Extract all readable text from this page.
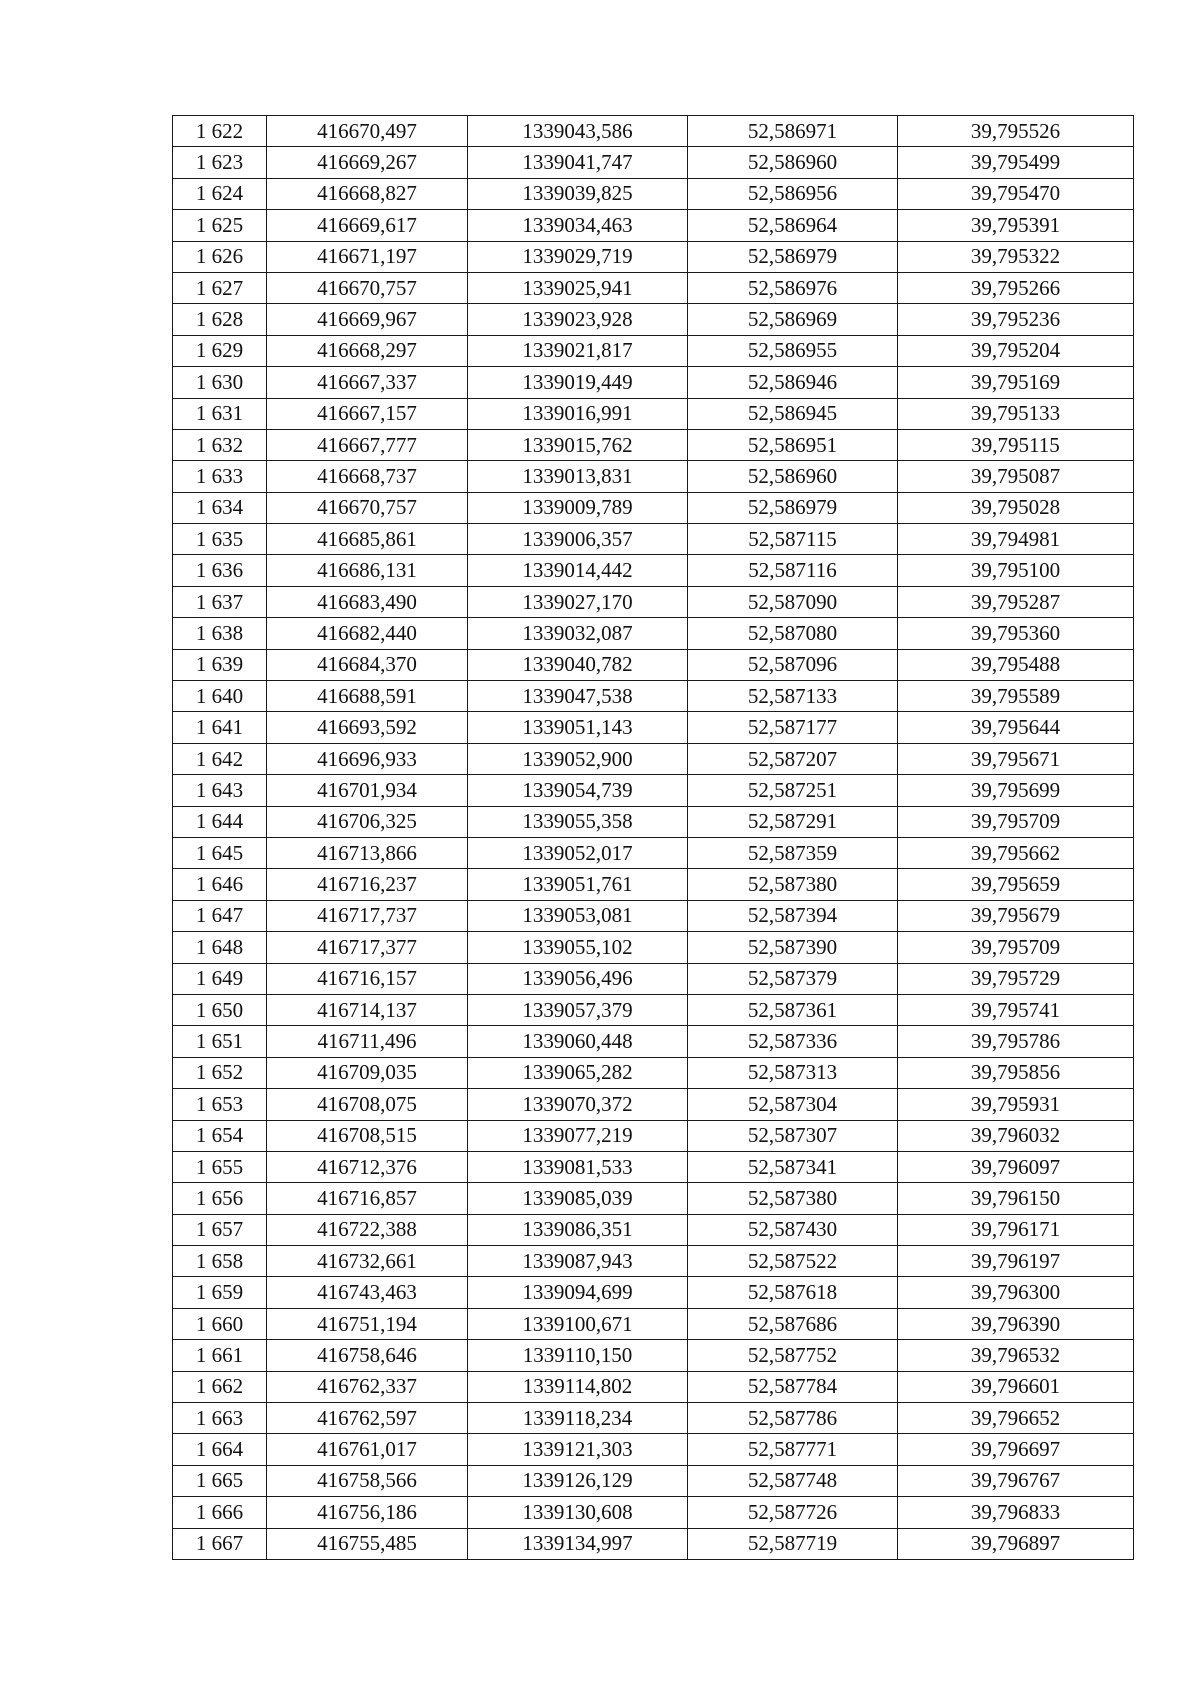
1 622	416670,497	1339043,586	52,586971	39,795526
1 623	416669,267	1339041,747	52,586960	39,795499
1 624	416668,827	1339039,825	52,586956	39,795470
1 625	416669,617	1339034,463	52,586964	39,795391
1 626	416671,197	1339029,719	52,586979	39,795322
1 627	416670,757	1339025,941	52,586976	39,795266
1 628	416669,967	1339023,928	52,586969	39,795236
1 629	416668,297	1339021,817	52,586955	39,795204
1 630	416667,337	1339019,449	52,586946	39,795169
1 631	416667,157	1339016,991	52,586945	39,795133
1 632	416667,777	1339015,762	52,586951	39,795115
1 633	416668,737	1339013,831	52,586960	39,795087
1 634	416670,757	1339009,789	52,586979	39,795028
1 635	416685,861	1339006,357	52,587115	39,794981
1 636	416686,131	1339014,442	52,587116	39,795100
1 637	416683,490	1339027,170	52,587090	39,795287
1 638	416682,440	1339032,087	52,587080	39,795360
1 639	416684,370	1339040,782	52,587096	39,795488
1 640	416688,591	1339047,538	52,587133	39,795589
1 641	416693,592	1339051,143	52,587177	39,795644
1 642	416696,933	1339052,900	52,587207	39,795671
1 643	416701,934	1339054,739	52,587251	39,795699
1 644	416706,325	1339055,358	52,587291	39,795709
1 645	416713,866	1339052,017	52,587359	39,795662
1 646	416716,237	1339051,761	52,587380	39,795659
1 647	416717,737	1339053,081	52,587394	39,795679
1 648	416717,377	1339055,102	52,587390	39,795709
1 649	416716,157	1339056,496	52,587379	39,795729
1 650	416714,137	1339057,379	52,587361	39,795741
1 651	416711,496	1339060,448	52,587336	39,795786
1 652	416709,035	1339065,282	52,587313	39,795856
1 653	416708,075	1339070,372	52,587304	39,795931
1 654	416708,515	1339077,219	52,587307	39,796032
1 655	416712,376	1339081,533	52,587341	39,796097
1 656	416716,857	1339085,039	52,587380	39,796150
1 657	416722,388	1339086,351	52,587430	39,796171
1 658	416732,661	1339087,943	52,587522	39,796197
1 659	416743,463	1339094,699	52,587618	39,796300
1 660	416751,194	1339100,671	52,587686	39,796390
1 661	416758,646	1339110,150	52,587752	39,796532
1 662	416762,337	1339114,802	52,587784	39,796601
1 663	416762,597	1339118,234	52,587786	39,796652
1 664	416761,017	1339121,303	52,587771	39,796697
1 665	416758,566	1339126,129	52,587748	39,796767
1 666	416756,186	1339130,608	52,587726	39,796833
1 667	416755,485	1339134,997	52,587719	39,796897
